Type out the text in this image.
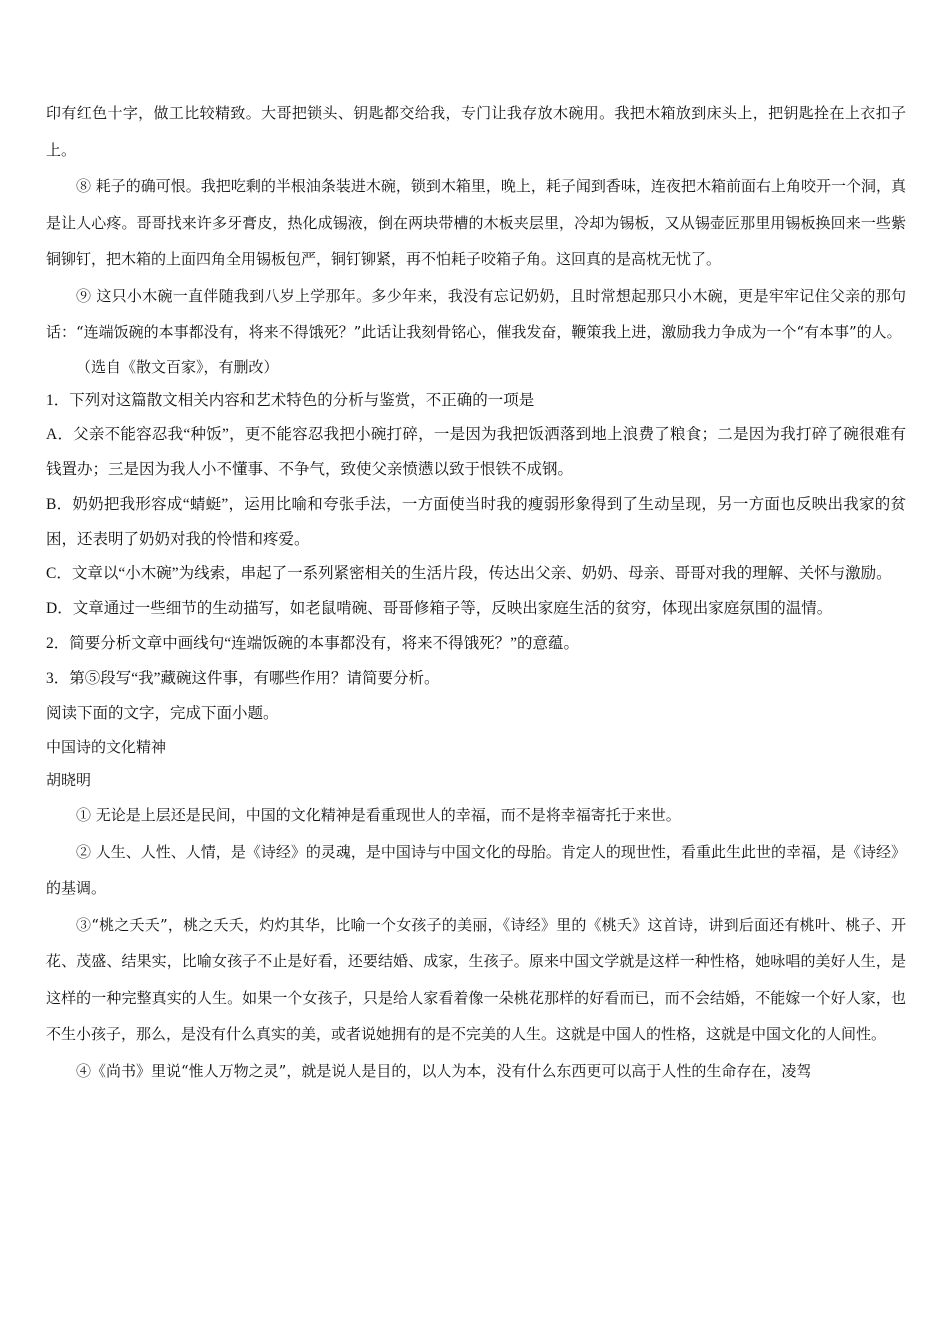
印有红色十字，做工比较精致。大哥把锁头、钥匙都交给我，专门让我存放木碗用。我把木箱放到床头上，把钥匙拴在上衣扣子上。

⑧ 耗子的确可恨。我把吃剩的半根油条装进木碗，锁到木箱里，晚上，耗子闻到香味，连夜把木箱前面右上角咬开一个洞，真是让人心疼。哥哥找来许多牙膏皮，热化成锡液，倒在两块带槽的木板夹层里，冷却为锡板，又从锡壶匠那里用锡板换回来一些紫铜铆钉，把木箱的上面四角全用锡板包严，铜钉铆紧，再不怕耗子咬箱子角。这回真的是高枕无忧了。

⑨ 这只小木碗一直伴随我到八岁上学那年。多少年来，我没有忘记奶奶，且时常想起那只小木碗，更是牢牢记住父亲的那句话：“连端饭碗的本事都没有，将来不得饿死？”此话让我刻骨铭心，催我发奋，鞭策我上进，激励我力争成为一个“有本事”的人。

（选自《散文百家》，有删改）

1．下列对这篇散文相关内容和艺术特色的分析与鉴赏，不正确的一项是

A．父亲不能容忍我“种饭”，更不能容忍我把小碗打碎，一是因为我把饭洒落到地上浪费了粮食；二是因为我打碎了碗很难有钱置办；三是因为我人小不懂事、不争气，致使父亲愤懑以致于恨铁不成钢。

B．奶奶把我形容成“蜻蜓”，运用比喻和夸张手法，一方面使当时我的瘦弱形象得到了生动呈现，另一方面也反映出我家的贫困，还表明了奶奶对我的怜惜和疼爱。

C．文章以“小木碗”为线索，串起了一系列紧密相关的生活片段，传达出父亲、奶奶、母亲、哥哥对我的理解、关怀与激励。

D．文章通过一些细节的生动描写，如老鼠啃碗、哥哥修箱子等，反映出家庭生活的贫穷，体现出家庭氛围的温情。

2．简要分析文章中画线句“连端饭碗的本事都没有，将来不得饿死？”的意蕴。

3．第⑤段写“我”藏碗这件事，有哪些作用？请简要分析。

阅读下面的文字，完成下面小题。

中国诗的文化精神

胡晓明

① 无论是上层还是民间，中国的文化精神是看重现世人的幸福，而不是将幸福寄托于来世。

② 人生、人性、人情，是《诗经》的灵魂，是中国诗与中国文化的母胎。肯定人的现世性，看重此生此世的幸福，是《诗经》的基调。

③“桃之夭夭”，桃之夭夭，灼灼其华，比喻一个女孩子的美丽，《诗经》里的《桃夭》这首诗，讲到后面还有桃叶、桃子、开花、茂盛、结果实，比喻女孩子不止是好看，还要结婚、成家，生孩子。原来中国文学就是这样一种性格，她咏唱的美好人生，是这样的一种完整真实的人生。如果一个女孩子，只是给人家看着像一朵桃花那样的好看而已，而不会结婚，不能嫁一个好人家，也不生小孩子，那么，是没有什么真实的美，或者说她拥有的是不完美的人生。这就是中国人的性格，这就是中国文化的人间性。

④《尚书》里说“惟人万物之灵”，就是说人是目的，以人为本，没有什么东西更可以高于人性的生命存在，凌驾
